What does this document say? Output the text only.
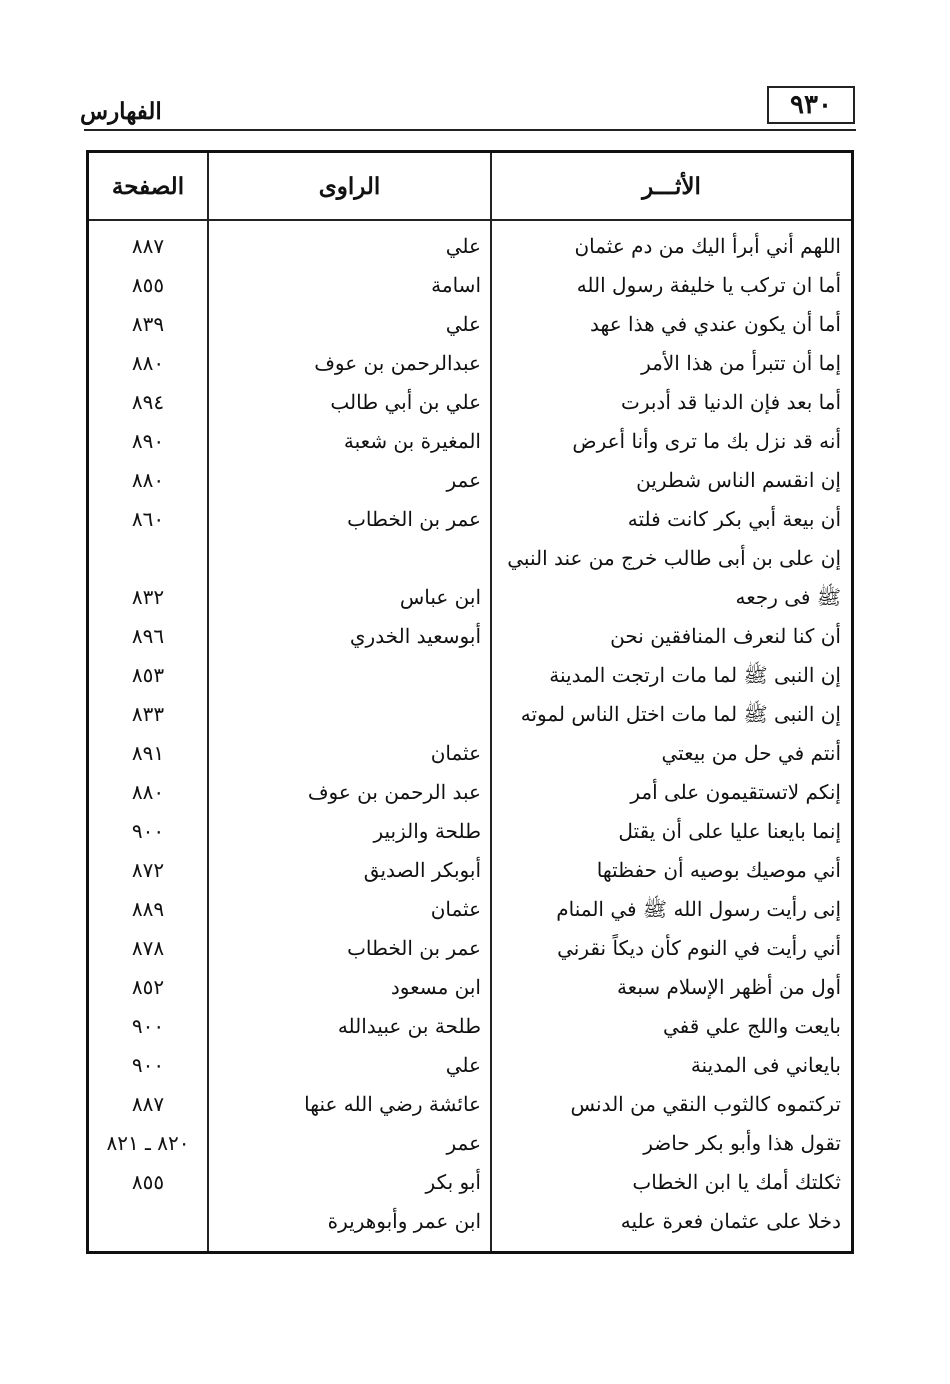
٩٣٠
الفهارس
الأثـــر
الراوى
الصفحة
اللهم أني أبرأ اليك من دم عثمان
علي
٨٨٧
أما ان تركب يا خليفة رسول الله
اسامة
٨٥٥
أما أن يكون عندي في هذا عهد
علي
٨٣٩
إما أن تتبرأ من هذا الأمر
عبدالرحمن بن عوف
٨٨٠
أما بعد فإن الدنيا قد أدبرت
علي بن أبي طالب
٨٩٤
أنه قد نزل بك ما ترى وأنا أعرض
المغيرة بن شعبة
٨٩٠
إن انقسم الناس شطرين
عمر
٨٨٠
أن بيعة أبي بكر كانت فلته
عمر بن الخطاب
٨٦٠
إن على بن أبى طالب خرج من عند النبي ﷺ فى رجعه
ابن عباس
٨٣٢
أن كنا لنعرف المنافقين نحن
أبوسعيد الخدري
٨٩٦
إن النبى ﷺ لما مات ارتجت المدينة
٨٥٣
إن النبى ﷺ لما مات اختل الناس لموته
٨٣٣
أنتم في حل من بيعتي
عثمان
٨٩١
إنكم لاتستقيمون على أمر
عبد الرحمن بن عوف
٨٨٠
إنما بايعنا عليا على أن يقتل
طلحة والزبير
٩٠٠
أني موصيك بوصيه أن حفظتها
أبوبكر الصديق
٨٧٢
إنى رأيت رسول الله ﷺ في المنام
عثمان
٨٨٩
أني رأيت في النوم كأن ديكاً نقرني
عمر بن الخطاب
٨٧٨
أول من أظهر الإسلام سبعة
ابن مسعود
٨٥٢
بايعت واللج علي قفي
طلحة بن عبيدالله
٩٠٠
بايعاني فى المدينة
علي
٩٠٠
تركتموه كالثوب النقي من الدنس
عائشة رضي الله عنها
٨٨٧
تقول هذا وأبو بكر حاضر
عمر
٨٢٠ ـ ٨٢١
ثكلتك أمك يا ابن الخطاب
أبو بكر
٨٥٥
دخلا على عثمان فعرة عليه
ابن عمر وأبوهريرة
